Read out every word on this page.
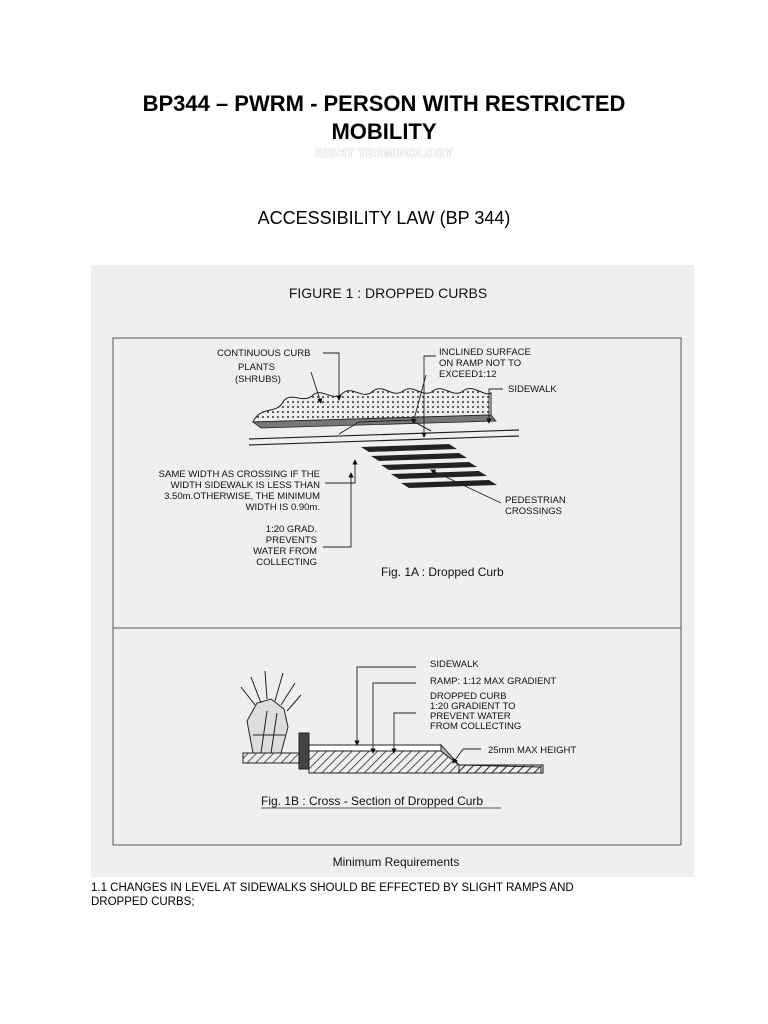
BP344 – PWRM - PERSON WITH RESTRICTED
MOBILITY
RIGHT TERMINOLOGY
ACCESSIBILITY LAW (BP 344)
FIGURE 1 : DROPPED CURBS
CONTINUOUS CURB
PLANTS
(SHRUBS)
INCLINED SURFACE
ON RAMP NOT TO
EXCEED1:12
SIDEWALK
SAME WIDTH AS CROSSING IF THE
WIDTH SIDEWALK IS LESS THAN
3.50m.OTHERWISE, THE MINIMUM
WIDTH IS 0.90m.
PEDESTRIAN
CROSSINGS
1:20 GRAD.
PREVENTS
WATER FROM
COLLECTING
Fig. 1A : Dropped Curb
SIDEWALK
RAMP: 1:12 MAX GRADIENT
DROPPED CURB
1:20 GRADIENT TO
PREVENT WATER
FROM COLLECTING
25mm MAX HEIGHT
Fig. 1B : Cross - Section of Dropped Curb
Minimum Requirements
1.1 CHANGES IN LEVEL AT SIDEWALKS SHOULD BE EFFECTED BY SLIGHT RAMPS AND
DROPPED CURBS;
